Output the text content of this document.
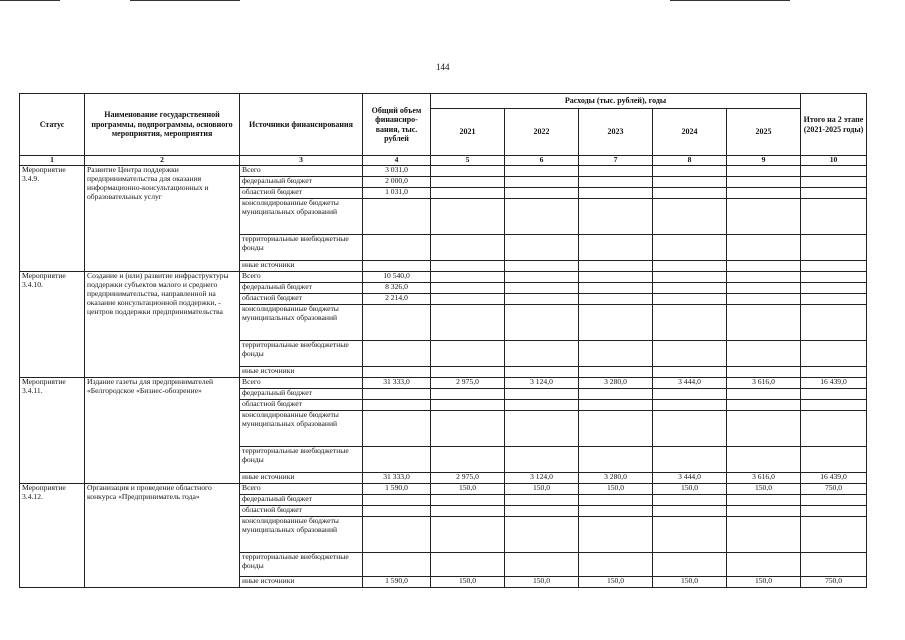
144
Статус	Наименование государственной программы, подпрограммы, основного мероприятия, мероприятия	Источники финансирования	Общий объем финансиро-вания, тыс. рублей	Расходы (тыс. рублей), годы					Итого на 2 этапе (2021-2025 годы)
				2021	2022	2023	2024	2025	
1	2	3	4	5	6	7	8	9	10
Мероприятие 3.4.9.	Развитие Центра поддержки предпринимательства для оказания информационно-консультационных и образовательных услуг	Всего	3 031,0						
		федеральный бюджет	2 000,0						
		областной бюджет	1 031,0						
		консолидированные бюджеты муниципальных образований							
		территориальные внебюджетные фонды							
		иные источники							
Мероприятие 3.4.10.	Создание и (или) развитие инфраструктуры поддержки субъектов малого и среднего предпринимательства, направленной на оказание консультационной поддержки, - центров поддержки предпринимательства	Всего	10 540,0						
		федеральный бюджет	8 326,0						
		областной бюджет	2 214,0						
		консолидированные бюджеты муниципальных образований							
		территориальные внебюджетные фонды							
		иные источники							
Мероприятие 3.4.11.	Издание газеты для предпринимателей «Белгородское «Бизнес-обозрение»	Всего	31 333,0	2 975,0	3 124,0	3 280,0	3 444,0	3 616,0	16 439,0
		федеральный бюджет							
		областной бюджет							
		консолидированные бюджеты муниципальных образований							
		территориальные внебюджетные фонды							
		иные источники	31 333,0	2 975,0	3 124,0	3 280,0	3 444,0	3 616,0	16 439,0
Мероприятие 3.4.12.	Организация и проведение областного конкурса «Предприниматель года»	Всего	1 590,0	150,0	150,0	150,0	150,0	150,0	750,0
		федеральный бюджет							
		областной бюджет							
		консолидированные бюджеты муниципальных образований							
		территориальные внебюджетные фонды							
		иные источники	1 590,0	150,0	150,0	150,0	150,0	150,0	750,0
